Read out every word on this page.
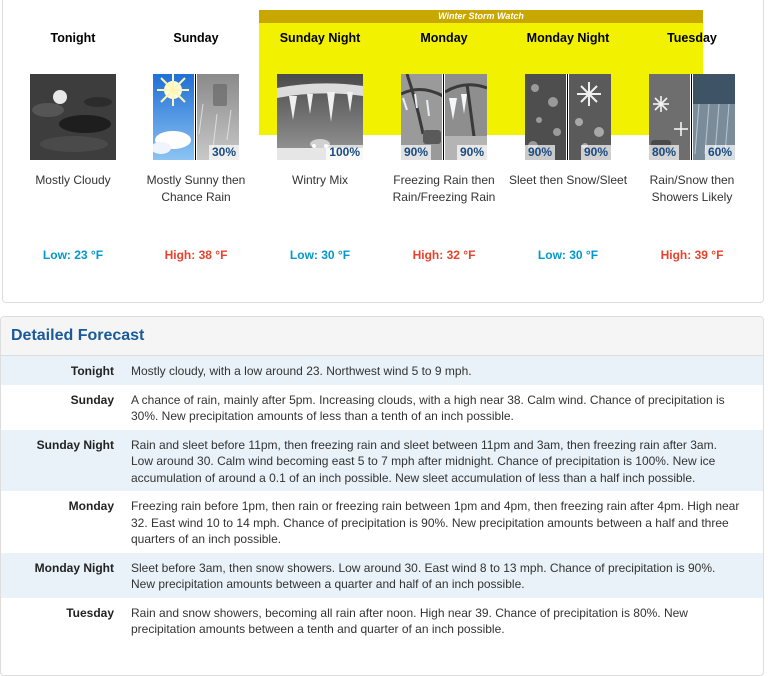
Winter Storm Watch
Tonight
Mostly Cloudy
Low: 23 °F
Sunday
30%
Mostly Sunny then Chance Rain
High: 38 °F
Sunday Night
100%
Wintry Mix
Low: 30 °F
Monday
90%	90%
Freezing Rain then Rain/Freezing Rain
High: 32 °F
Monday Night
90%	90%
Sleet then Snow/Sleet
Low: 30 °F
Tuesday
80%	60%
Rain/Snow then Showers Likely
High: 39 °F
Detailed Forecast
Tonight	Mostly cloudy, with a low around 23. Northwest wind 5 to 9 mph.
Sunday	A chance of rain, mainly after 5pm. Increasing clouds, with a high near 38. Calm wind. Chance of precipitation is 30%. New precipitation amounts of less than a tenth of an inch possible.
Sunday Night	Rain and sleet before 11pm, then freezing rain and sleet between 11pm and 3am, then freezing rain after 3am. Low around 30. Calm wind becoming east 5 to 7 mph after midnight. Chance of precipitation is 100%. New ice accumulation of around a 0.1 of an inch possible. New sleet accumulation of less than a half inch possible.
Monday	Freezing rain before 1pm, then rain or freezing rain between 1pm and 4pm, then freezing rain after 4pm. High near 32. East wind 10 to 14 mph. Chance of precipitation is 90%. New precipitation amounts between a half and three quarters of an inch possible.
Monday Night	Sleet before 3am, then snow showers. Low around 30. East wind 8 to 13 mph. Chance of precipitation is 90%. New precipitation amounts between a quarter and half of an inch possible.
Tuesday	Rain and snow showers, becoming all rain after noon. High near 39. Chance of precipitation is 80%. New precipitation amounts between a tenth and quarter of an inch possible.
